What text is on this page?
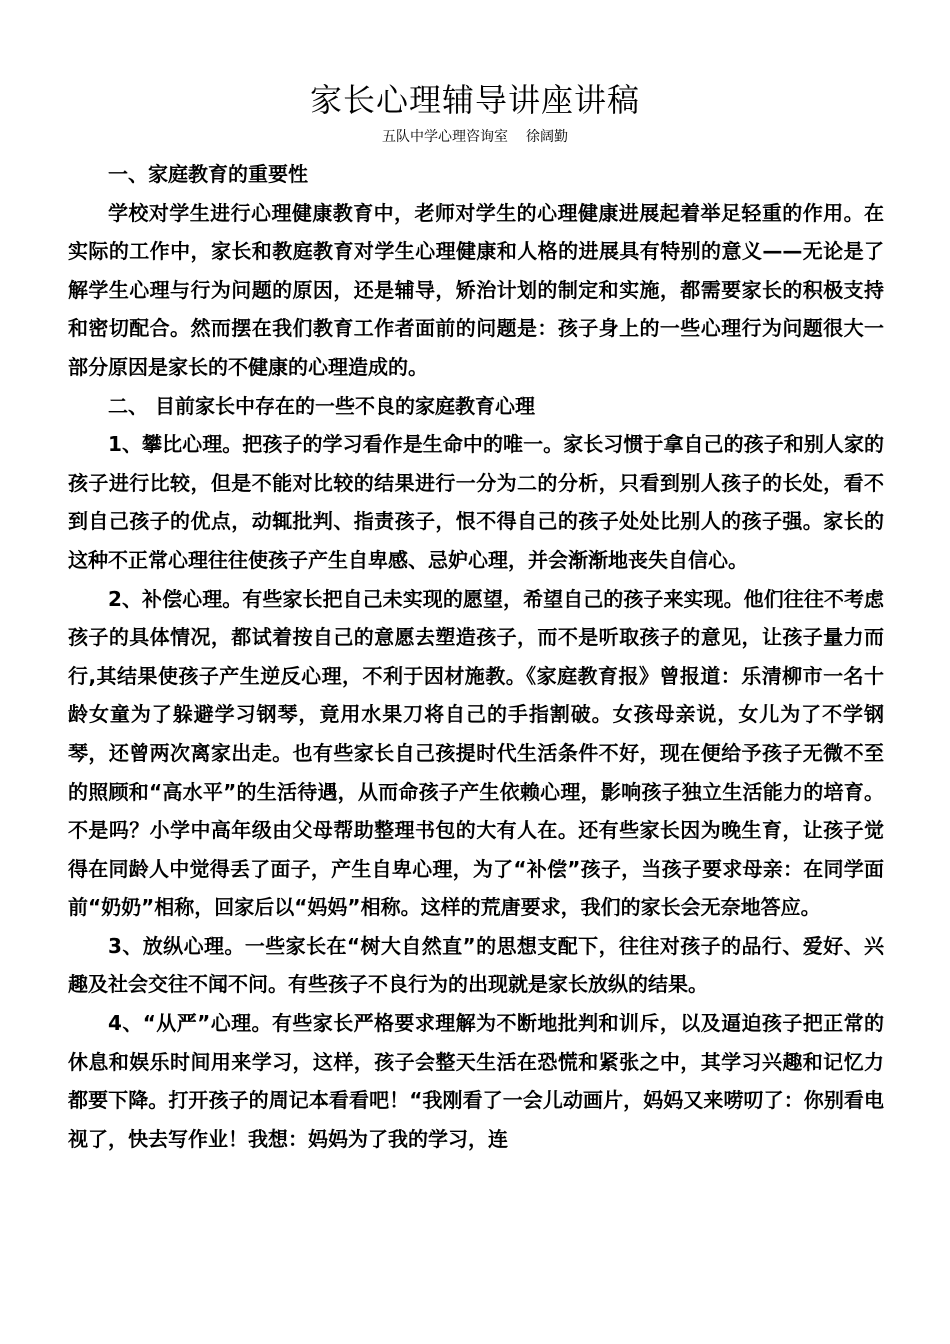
家长心理辅导讲座讲稿
五队中学心理咨询室 徐阔勤

一、家庭教育的重要性

学校对学生进行心理健康教育中，老师对学生的心理健康进展起着举足轻重的作用。在实际的工作中，家长和教庭教育对学生心理健康和人格的进展具有特别的意义——无论是了解学生心理与行为问题的原因，还是辅导，矫治计划的制定和实施，都需要家长的积极支持和密切配合。然而摆在我们教育工作者面前的问题是：孩子身上的一些心理行为问题很大一部分原因是家长的不健康的心理造成的。

二、 目前家长中存在的一些不良的家庭教育心理

1、攀比心理。把孩子的学习看作是生命中的唯一。家长习惯于拿自己的孩子和别人家的孩子进行比较，但是不能对比较的结果进行一分为二的分析，只看到别人孩子的长处，看不到自己孩子的优点，动辄批判、指责孩子，恨不得自己的孩子处处比别人的孩子强。家长的这种不正常心理往往使孩子产生自卑感、忌妒心理，并会渐渐地丧失自信心。

2、补偿心理。有些家长把自己未实现的愿望，希望自己的孩子来实现。他们往往不考虑孩子的具体情况，都试着按自己的意愿去塑造孩子，而不是听取孩子的意见，让孩子量力而行,其结果使孩子产生逆反心理，不利于因材施教。《家庭教育报》曾报道：乐清柳市一名十龄女童为了躲避学习钢琴，竟用水果刀将自己的手指割破。女孩母亲说，女儿为了不学钢琴，还曾两次离家出走。也有些家长自己孩提时代生活条件不好，现在便给予孩子无微不至的照顾和“高水平”的生活待遇，从而命孩子产生依赖心理，影响孩子独立生活能力的培育。不是吗？小学中高年级由父母帮助整理书包的大有人在。还有些家长因为晚生育，让孩子觉得在同龄人中觉得丢了面子，产生自卑心理，为了“补偿”孩子，当孩子要求母亲：在同学面前“奶奶”相称，回家后以“妈妈”相称。这样的荒唐要求，我们的家长会无奈地答应。

3、放纵心理。一些家长在“树大自然直”的思想支配下，往往对孩子的品行、爱好、兴趣及社会交往不闻不问。有些孩子不良行为的出现就是家长放纵的结果。

4、“从严”心理。有些家长严格要求理解为不断地批判和训斥，以及逼迫孩子把正常的休息和娱乐时间用来学习，这样，孩子会整天生活在恐慌和紧张之中，其学习兴趣和记忆力都要下降。打开孩子的周记本看看吧！“我刚看了一会儿动画片，妈妈又来唠叨了：你别看电视了，快去写作业！我想：妈妈为了我的学习，连
